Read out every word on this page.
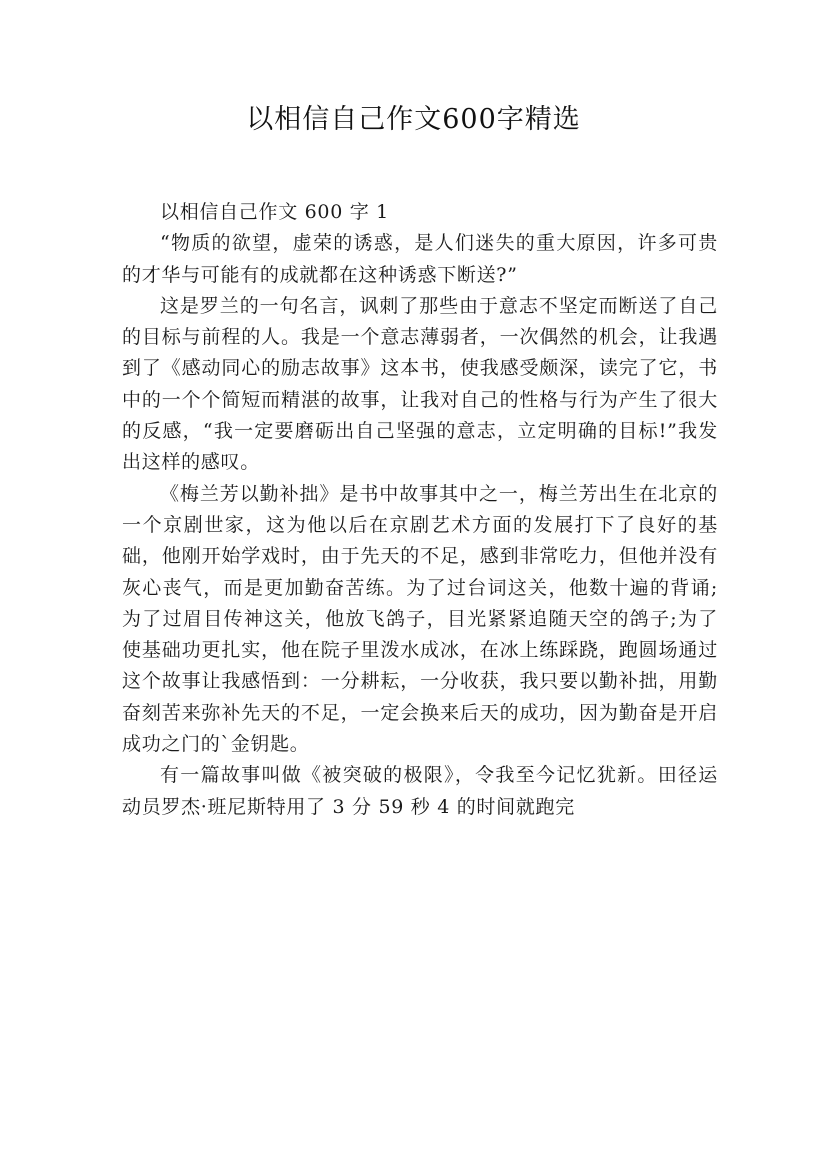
以相信自己作文600字精选

以相信自己作文 600 字 1

“物质的欲望，虚荣的诱惑，是人们迷失的重大原因，许多可贵的才华与可能有的成就都在这种诱惑下断送?”

这是罗兰的一句名言，讽刺了那些由于意志不坚定而断送了自己的目标与前程的人。我是一个意志薄弱者，一次偶然的机会，让我遇到了《感动同心的励志故事》这本书，使我感受颇深，读完了它，书中的一个个简短而精湛的故事，让我对自己的性格与行为产生了很大的反感，“我一定要磨砺出自己坚强的意志，立定明确的目标!”我发出这样的感叹。

《梅兰芳以勤补拙》是书中故事其中之一，梅兰芳出生在北京的一个京剧世家，这为他以后在京剧艺术方面的发展打下了良好的基础，他刚开始学戏时，由于先天的不足，感到非常吃力，但他并没有灰心丧气，而是更加勤奋苦练。为了过台词这关，他数十遍的背诵;为了过眉目传神这关，他放飞鸽子，目光紧紧追随天空的鸽子;为了使基础功更扎实，他在院子里泼水成冰，在冰上练踩跷，跑圆场通过这个故事让我感悟到：一分耕耘，一分收获，我只要以勤补拙，用勤奋刻苦来弥补先天的不足，一定会换来后天的成功，因为勤奋是开启成功之门的`金钥匙。

有一篇故事叫做《被突破的极限》，令我至今记忆犹新。田径运动员罗杰·班尼斯特用了 3 分 59 秒 4 的时间就跑完
